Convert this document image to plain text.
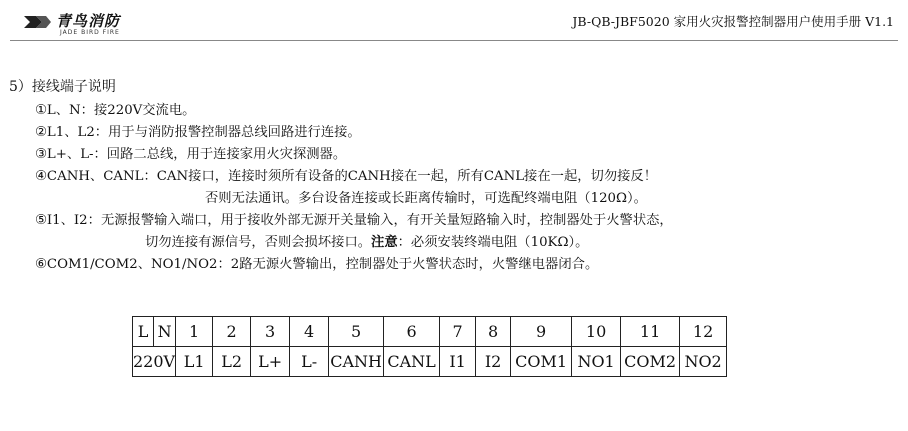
青鸟消防
JADE BIRD FIRE
JB-QB-JBF5020 家用火灾报警控制器用户使用手册 V1.1
5）接线端子说明
①L、N：接220V交流电。
②L1、L2：用于与消防报警控制器总线回路进行连接。
③L+、L-：回路二总线，用于连接家用火灾探测器。
④CANH、CANL：CAN接口，连接时须所有设备的CANH接在一起，所有CANL接在一起，切勿接反！
否则无法通讯。多台设备连接或长距离传输时，可选配终端电阻（120Ω）。
⑤I1、I2：无源报警输入端口，用于接收外部无源开关量输入，有开关量短路输入时，控制器处于火警状态，
切勿连接有源信号，否则会损坏接口。注意：必须安装终端电阻（10KΩ）。
⑥COM1/COM2、NO1/NO2：2路无源火警输出，控制器处于火警状态时，火警继电器闭合。
L	N	1	2	3	4	5	6	7	8	9	10	11	12
220V		L1	L2	L+	L-	CANH	CANL	I1	I2	COM1	NO1	COM2	NO2
